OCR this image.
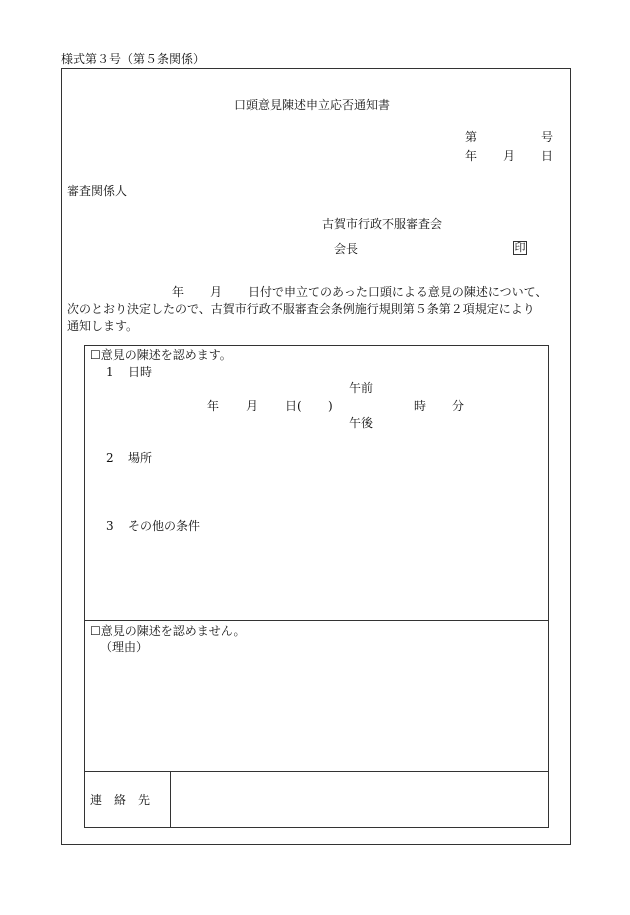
様式第３号（第５条関係）
口頭意見陳述申立応否通知書
第	号
年 月 日
審査関係人
古賀市行政不服審査会
会長	印
年 月 日付で申立てのあった口頭による意見の陳述について、
次のとおり決定したので、古賀市行政不服審査会条例施行規則第５条第２項規定により
通知します。
☐意見の陳述を認めます。
1 日時
午前
年 月 日( )	時 分
午後
2 場所
3 その他の条件
☐意見の陳述を認めません。
（理由）
連　絡　先
